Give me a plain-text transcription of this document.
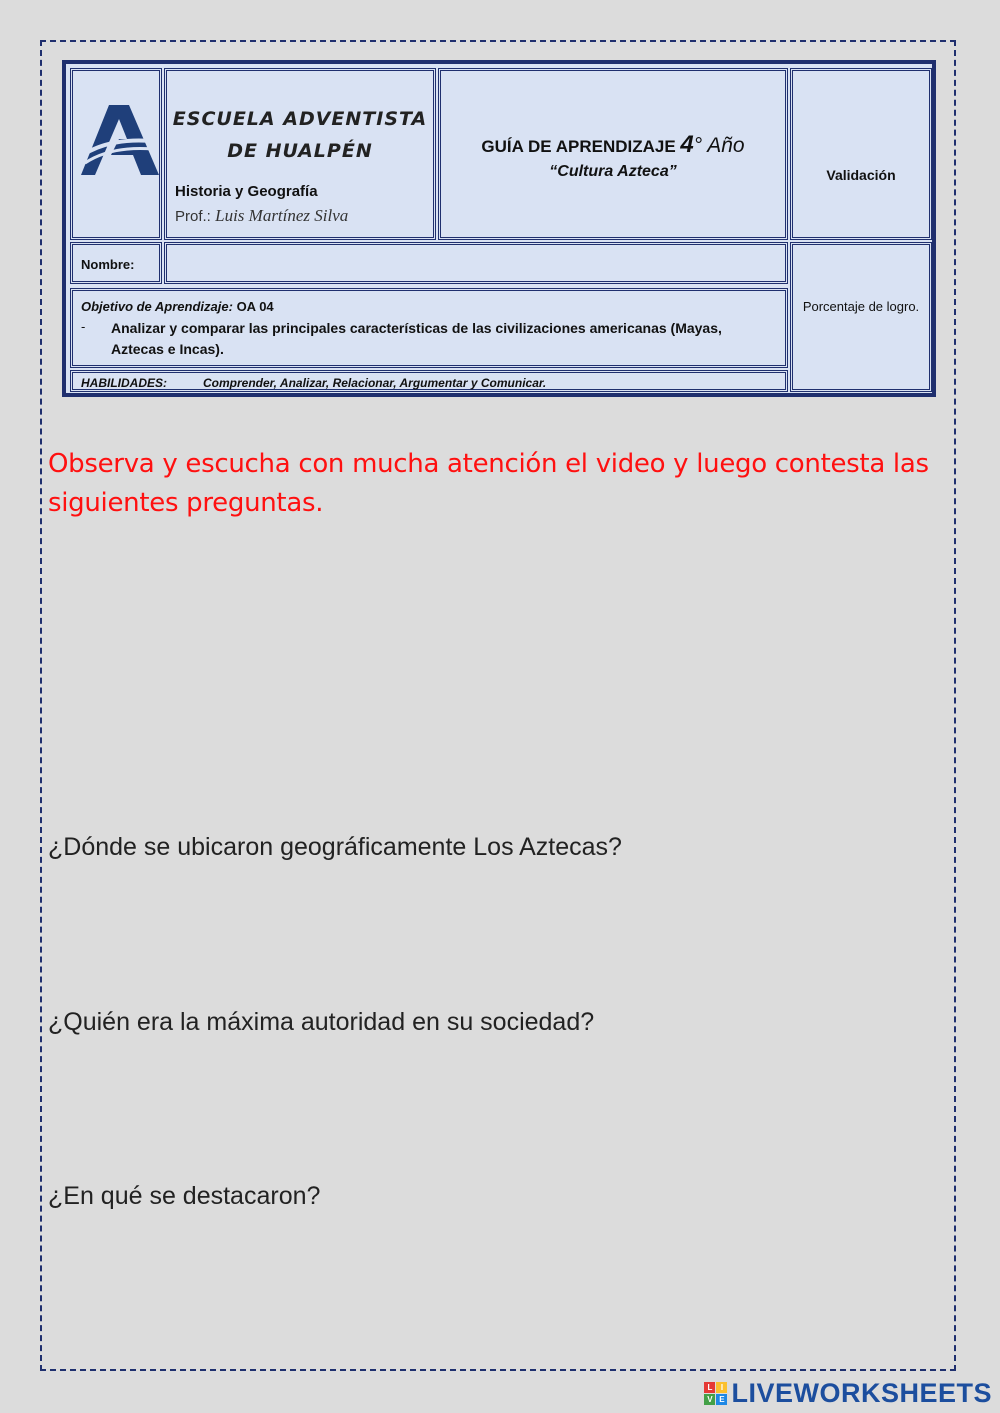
ESCUELA ADVENTISTA
DE HUALPÉN
Historia y Geografía
Prof.: Luis Martínez Silva
GUÍA DE APRENDIZAJE 4° Año
“Cultura Azteca”	Validación
Nombre:
Objetivo de Aprendizaje: OA 04
- Analizar y comparar las principales características de las civilizaciones americanas (Mayas, Aztecas e Incas).
HABILIDADES:	Comprender, Analizar, Relacionar, Argumentar y Comunicar.
Porcentaje de logro.
Observa y escucha con mucha atención el video y luego contesta las siguientes preguntas.
¿Dónde se ubicaron geográficamente Los Aztecas?
¿Quién era la máxima autoridad en su sociedad?
¿En qué se destacaron?
L	I
V E LIVEWORKSHEETS
